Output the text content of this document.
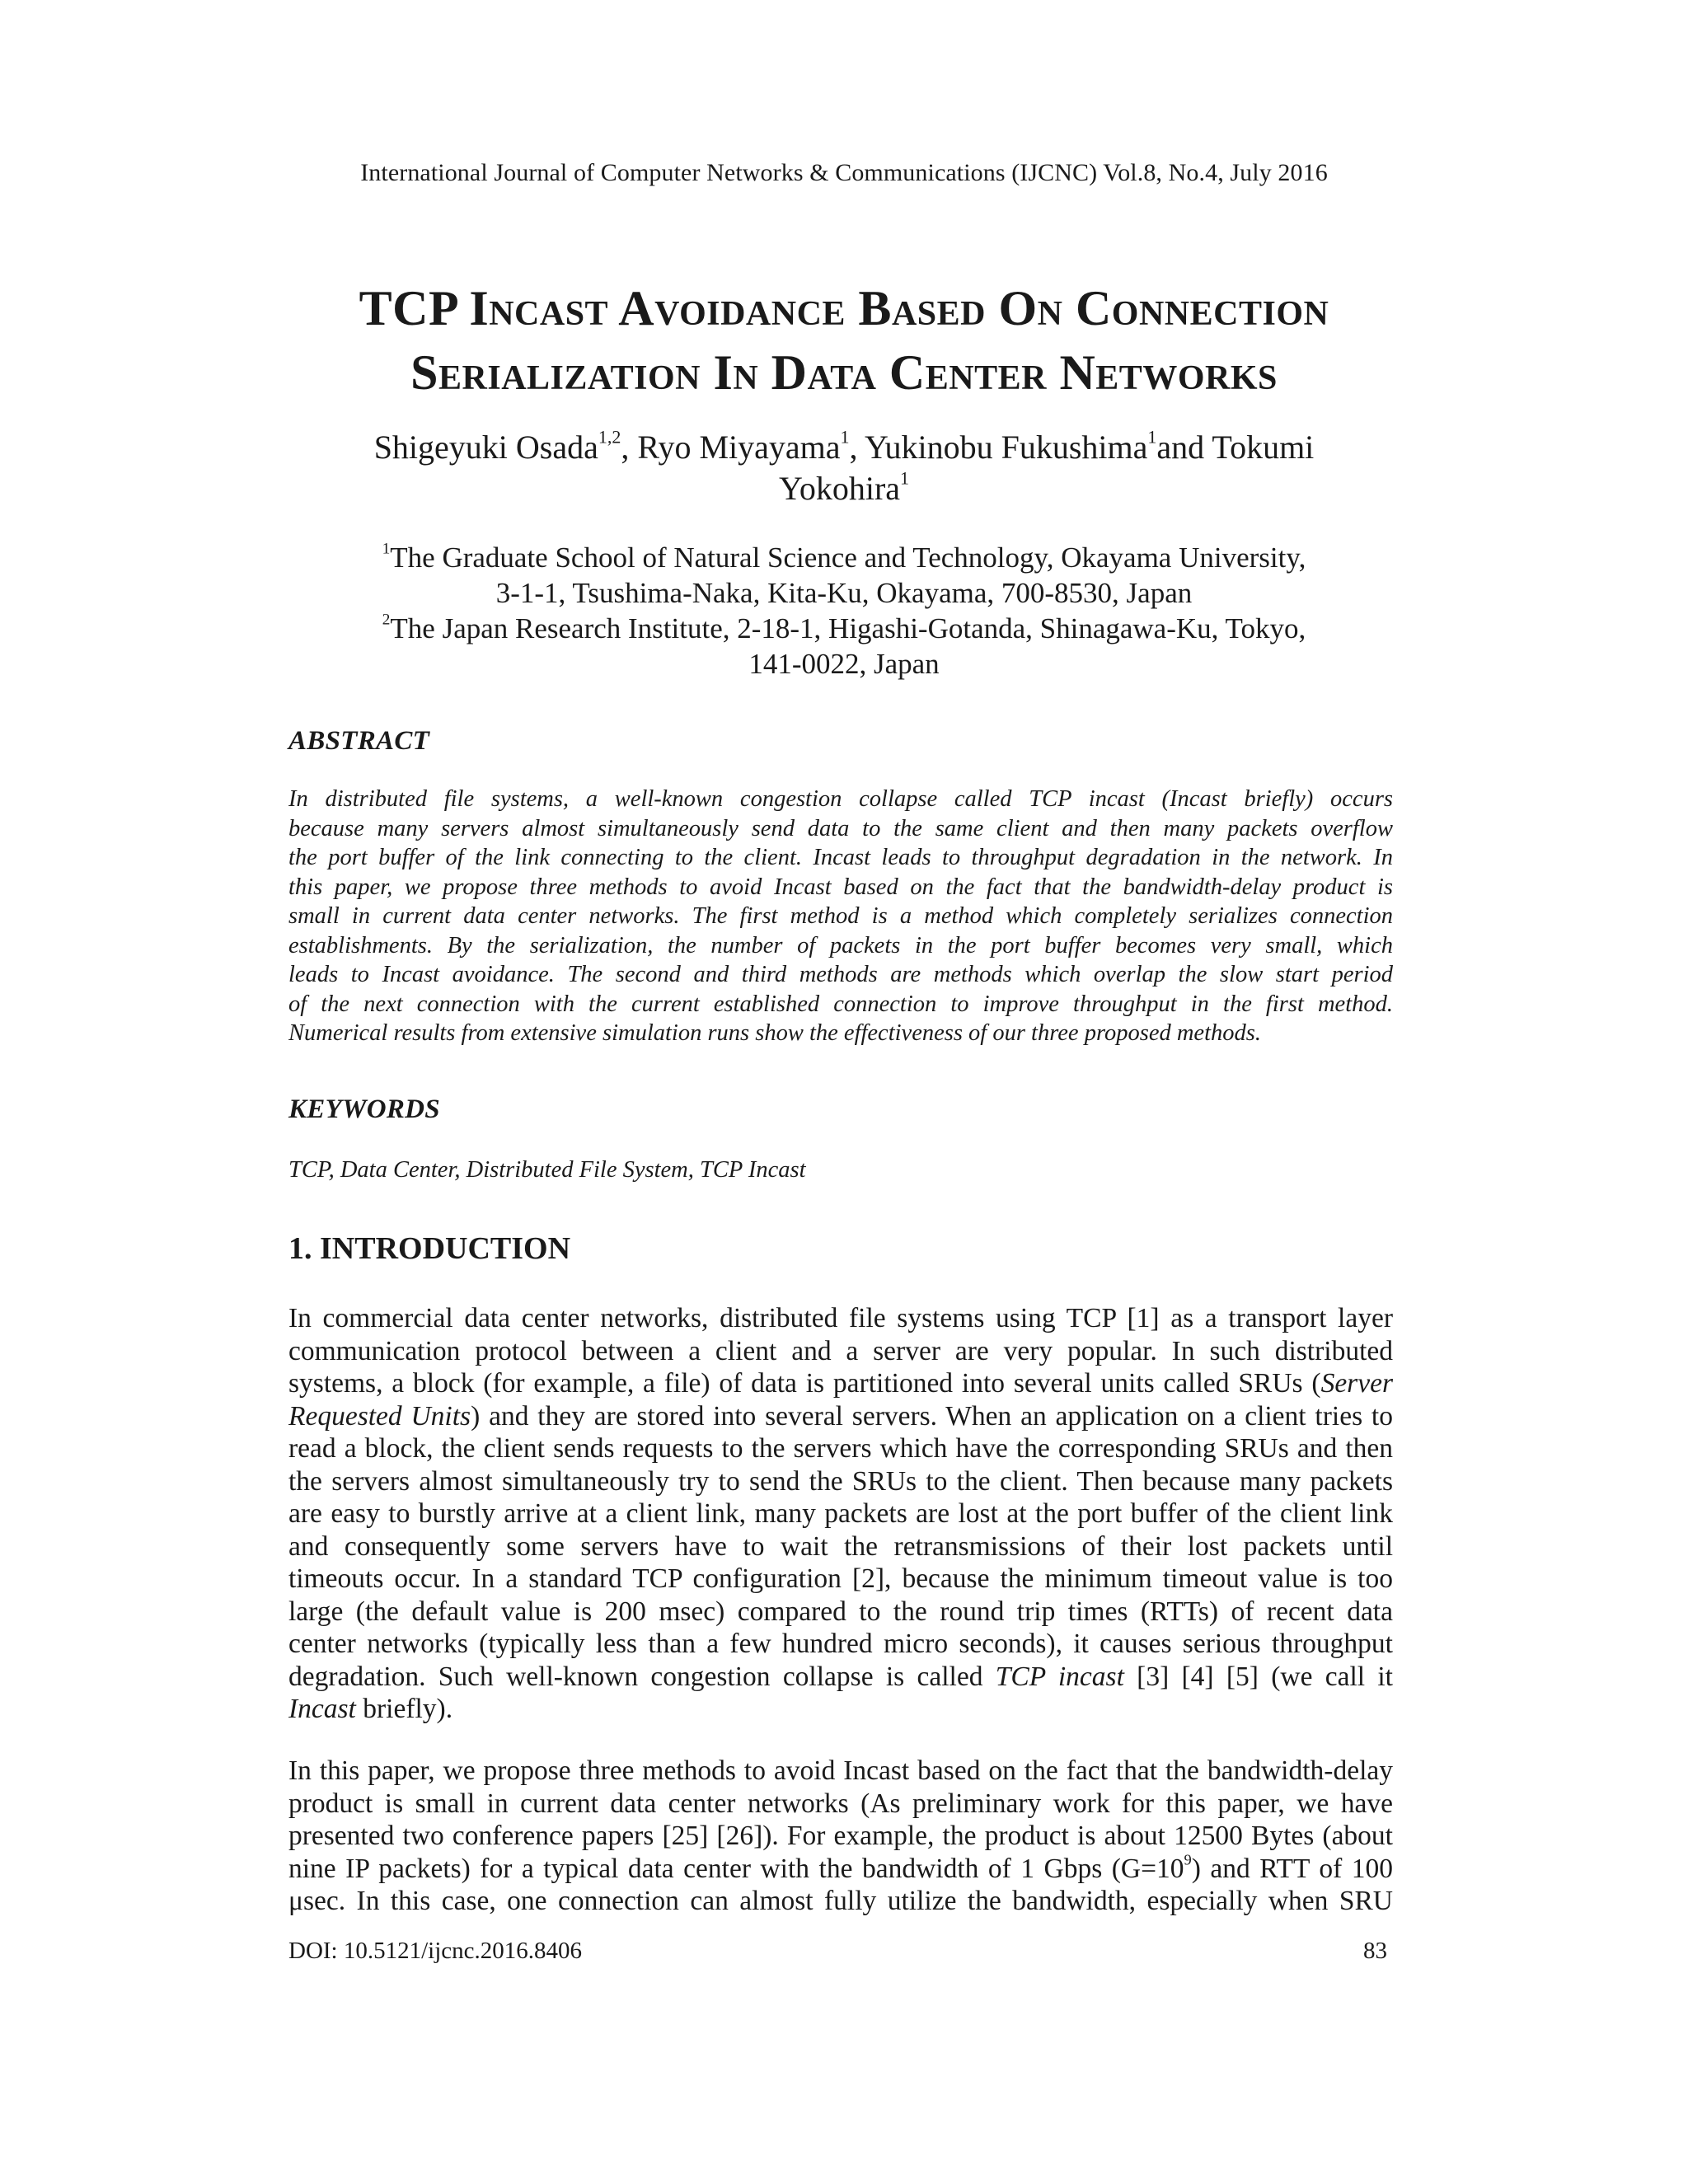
International Journal of Computer Networks & Communications (IJCNC) Vol.8, No.4, July 2016
TCP Incast Avoidance Based On Connection
Serialization In Data Center Networks
Shigeyuki Osada$^{1,2}$, Ryo Miyayama$^1$, Yukinobu Fukushima$^1$and Tokumi
Yokohira$^1$
$^1$The Graduate School of Natural Science and Technology, Okayama University,
3-1-1, Tsushima-Naka, Kita-Ku, Okayama, 700-8530, Japan
$^2$The Japan Research Institute, 2-18-1, Higashi-Gotanda, Shinagawa-Ku, Tokyo,
141-0022, Japan
ABSTRACT
In distributed file systems, a well-known congestion collapse called TCP incast (Incast briefly) occurs
because many servers almost simultaneously send data to the same client and then many packets overflow
the port buffer of the link connecting to the client. Incast leads to throughput degradation in the network. In
this paper, we propose three methods to avoid Incast based on the fact that the bandwidth-delay product is
small in current data center networks. The first method is a method which completely serializes connection
establishments. By the serialization, the number of packets in the port buffer becomes very small, which
leads to Incast avoidance. The second and third methods are methods which overlap the slow start period
of the next connection with the current established connection to improve throughput in the first method.
Numerical results from extensive simulation runs show the effectiveness of our three proposed methods.
KEYWORDS
TCP, Data Center, Distributed File System, TCP Incast
1. INTRODUCTION
In commercial data center networks, distributed file systems using TCP [1] as a transport layer
communication protocol between a client and a server are very popular. In such distributed
systems, a block (for example, a file) of data is partitioned into several units called SRUs (Server
Requested Units) and they are stored into several servers. When an application on a client tries to
read a block, the client sends requests to the servers which have the corresponding SRUs and then
the servers almost simultaneously try to send the SRUs to the client. Then because many packets
are easy to burstly arrive at a client link, many packets are lost at the port buffer of the client link
and consequently some servers have to wait the retransmissions of their lost packets until
timeouts occur. In a standard TCP configuration [2], because the minimum timeout value is too
large (the default value is 200 msec) compared to the round trip times (RTTs) of recent data
center networks (typically less than a few hundred micro seconds), it causes serious throughput
degradation. Such well-known congestion collapse is called TCP incast [3] [4] [5] (we call it
Incast briefly).
In this paper, we propose three methods to avoid Incast based on the fact that the bandwidth-delay
product is small in current data center networks (As preliminary work for this paper, we have
presented two conference papers [25] [26]). For example, the product is about 12500 Bytes (about
nine IP packets) for a typical data center with the bandwidth of 1 Gbps $(G=10^9)$ and RTT of 100
μsec. In this case, one connection can almost fully utilize the bandwidth, especially when SRU
DOI: 10.5121/ijcnc.2016.8406	83
